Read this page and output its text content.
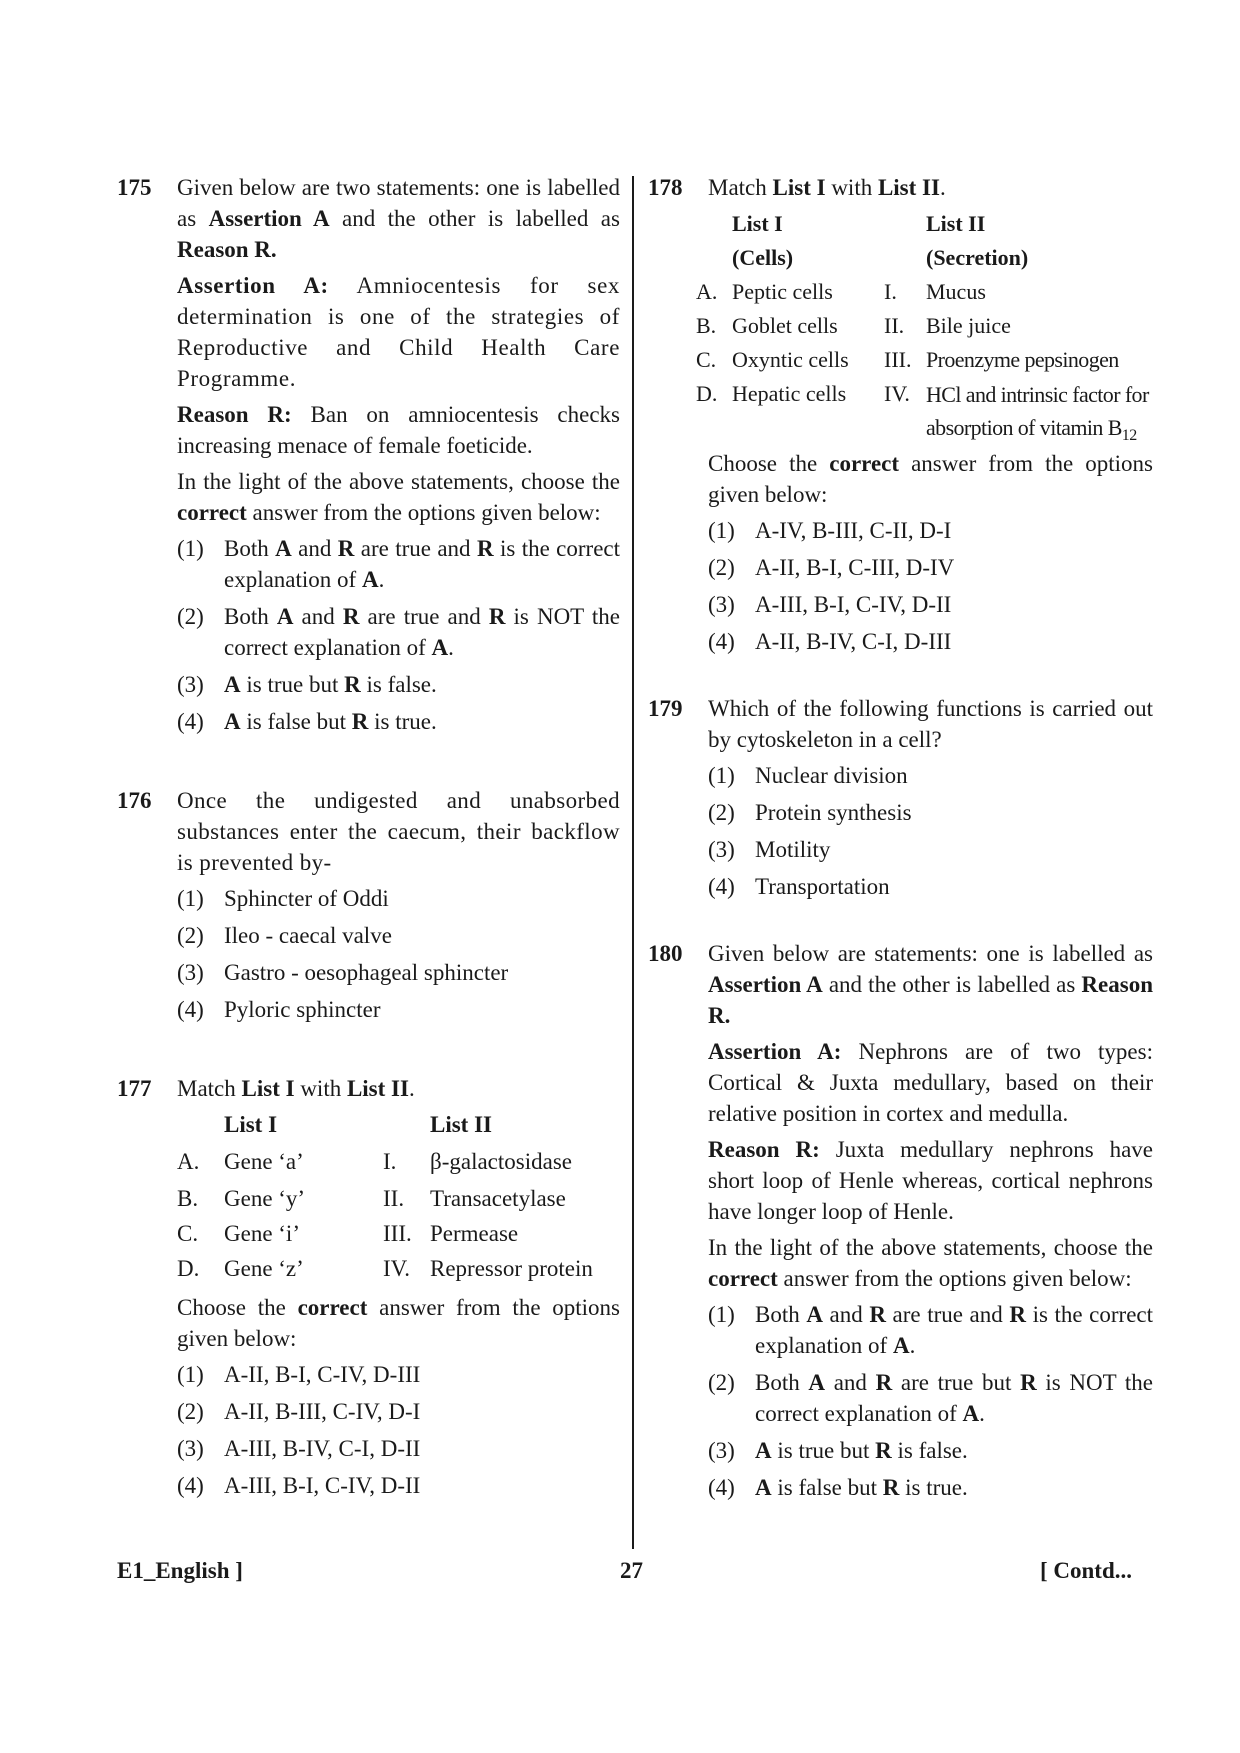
175 Given below are two statements: one is labelled as Assertion A and the other is labelled as Reason R.

Assertion A: Amniocentesis for sex determination is one of the strategies of Reproductive and Child Health Care Programme.

Reason R: Ban on amniocentesis checks increasing menace of female foeticide.

In the light of the above statements, choose the correct answer from the options given below:

(1) Both A and R are true and R is the correct explanation of A.
(2) Both A and R are true and R is NOT the correct explanation of A.
(3) A is true but R is false.
(4) A is false but R is true.
176 Once the undigested and unabsorbed substances enter the caecum, their backflow is prevented by-

(1) Sphincter of Oddi
(2) Ileo - caecal valve
(3) Gastro - oesophageal sphincter
(4) Pyloric sphincter
177 Match List I with List II.

	List I		List II
A.	Gene ‘a’	I.	β-galactosidase
B.	Gene ‘y’	II.	Transacetylase
C.	Gene ‘i’	III.	Permease
D.	Gene ‘z’	IV.	Repressor protein

Choose the correct answer from the options given below:

(1) A-II, B-I, C-IV, D-III
(2) A-II, B-III, C-IV, D-I
(3) A-III, B-IV, C-I, D-II
(4) A-III, B-I, C-IV, D-II
178 Match List I with List II.

	List I		List II
	(Cells)		(Secretion)
A.	Peptic cells	I.	Mucus
B.	Goblet cells	II.	Bile juice
C.	Oxyntic cells	III.	Proenzyme pepsinogen
D.	Hepatic cells	IV.	HCl and intrinsic factor for absorption of vitamin $B_{12}$

Choose the correct answer from the options given below:

(1) A-IV, B-III, C-II, D-I
(2) A-II, B-I, C-III, D-IV
(3) A-III, B-I, C-IV, D-II
(4) A-II, B-IV, C-I, D-III
179 Which of the following functions is carried out by cytoskeleton in a cell?

(1) Nuclear division
(2) Protein synthesis
(3) Motility
(4) Transportation
180 Given below are statements: one is labelled as Assertion A and the other is labelled as Reason R.

Assertion A: Nephrons are of two types: Cortical & Juxta medullary, based on their relative position in cortex and medulla.

Reason R: Juxta medullary nephrons have short loop of Henle whereas, cortical nephrons have longer loop of Henle.

In the light of the above statements, choose the correct answer from the options given below:

(1) Both A and R are true and R is the correct explanation of A.
(2) Both A and R are true but R is NOT the correct explanation of A.
(3) A is true but R is false.
(4) A is false but R is true.
E1_English ]	27	[ Contd...
